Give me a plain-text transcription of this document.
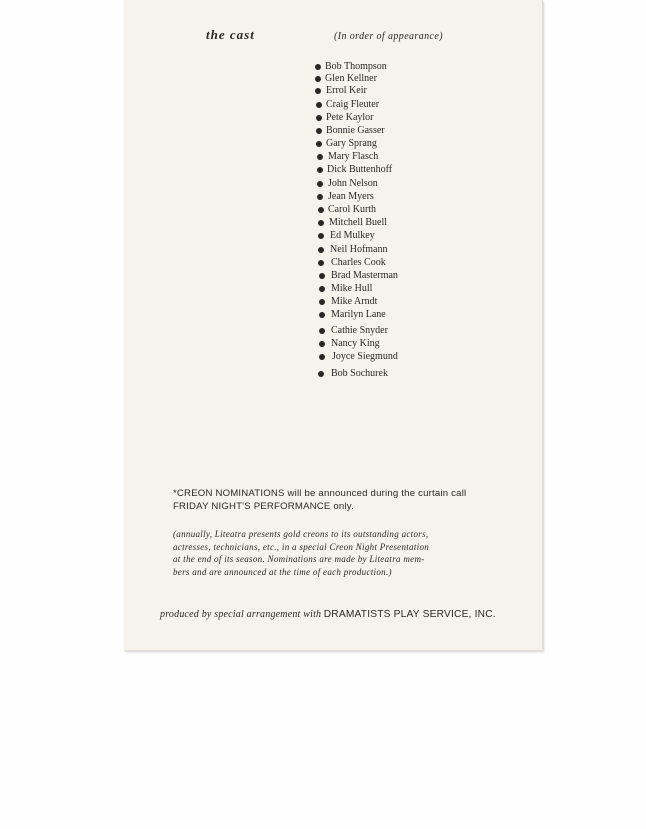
the cast	(In order of appearance)
Bob Thompson
Glen Kellner
Errol Keir
Craig Fleuter
Pete Kaylor
Bonnie Gasser
Gary Sprang
Mary Flasch
Dick Buttenhoff
John Nelson
Jean Myers
Carol Kurth
Mitchell Buell
Ed Mulkey
Neil Hofmann
Charles Cook
Brad Masterman
Mike Hull
Mike Arndt
Marilyn Lane
Cathie Snyder
Nancy King
Joyce Siegmund
Bob Sochurek
*CREON NOMINATIONS will be announced during the curtain call
FRIDAY NIGHT'S PERFORMANCE only.
(annually, Liteatra presents gold creons to its outstanding actors,
actresses, technicians, etc., in a special Creon Night Presentation
at the end of its season. Nominations are made by Liteatra mem-
bers and are announced at the time of each production.)
produced by special arrangement with DRAMATISTS PLAY SERVICE, INC.
